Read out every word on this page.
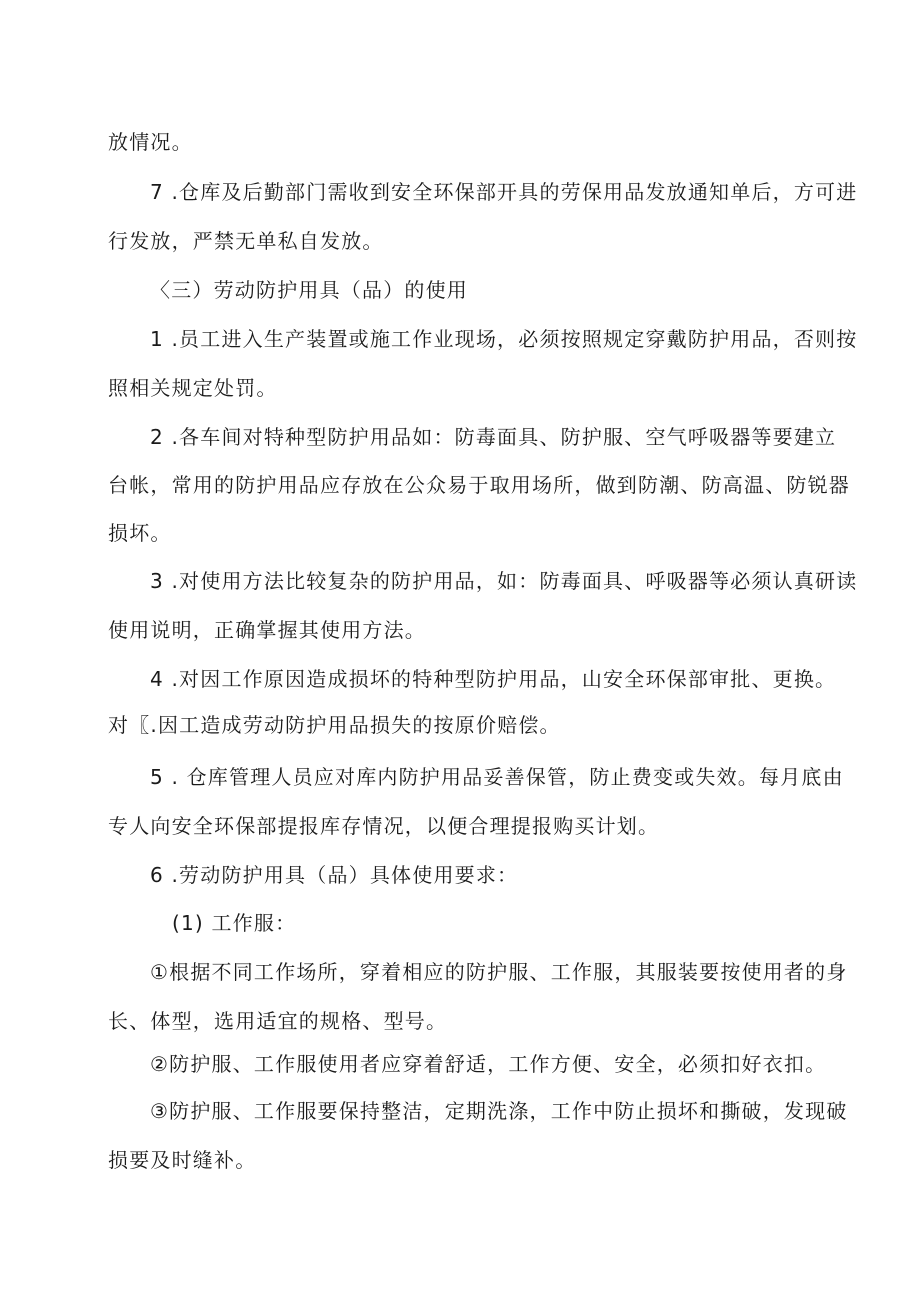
放情况。
7 .仓库及后勤部门需收到安全环保部开具的劳保用品发放通知单后，方可进
行发放，严禁无单私自发放。
〈三）劳动防护用具（品）的使用
1 .员工进入生产装置或施工作业现场，必须按照规定穿戴防护用品，否则按
照相关规定处罚。
2 .各车间对特种型防护用品如：防毒面具、防护服、空气呼吸器等要建立
台帐，常用的防护用品应存放在公众易于取用场所，做到防潮、防高温、防锐器
损坏。
3 .对使用方法比较复杂的防护用品，如：防毒面具、呼吸器等必须认真研读
使用说明，正确掌握其使用方法。
4 .对因工作原因造成损坏的特种型防护用品，山安全环保部审批、更换。
对〖.因工造成劳动防护用品损失的按原价赔偿。
5 . 仓库管理人员应对库内防护用品妥善保管，防止费变或失效。每月底由
专人向安全环保部提报库存情况，以便合理提报购买计划。
6 .劳动防护用具（品）具体使用要求：
(1) 工作服：
①根据不同工作场所，穿着相应的防护服、工作服，其服装要按使用者的身
长、体型，选用适宜的规格、型号。
②防护服、工作服使用者应穿着舒适，工作方便、安全，必须扣好衣扣。
③防护服、工作服要保持整洁，定期洗涤，工作中防止损坏和撕破，发现破
损要及时缝补。
